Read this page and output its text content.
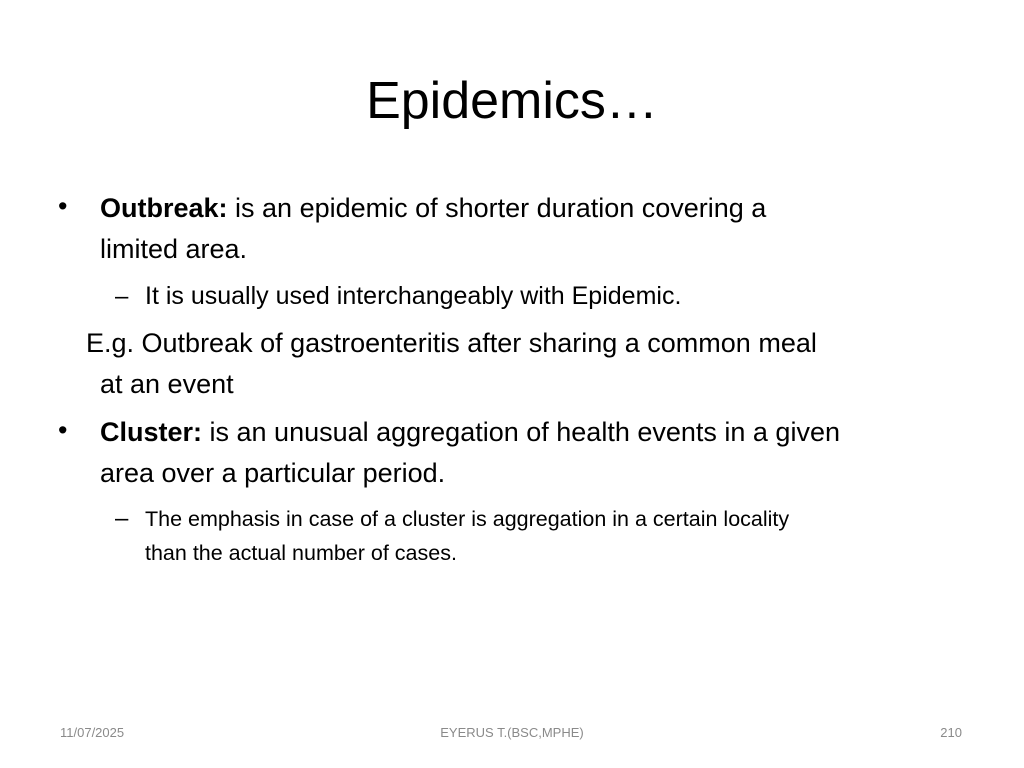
Epidemics…
• Outbreak: is an epidemic of shorter duration covering a
limited area.
– It is usually used interchangeably with Epidemic.
E.g. Outbreak of gastroenteritis after sharing a common meal
at an event
• Cluster: is an unusual aggregation of health events in a given
area over a particular period.
– The emphasis in case of a cluster is aggregation in a certain locality
than the actual number of cases.
11/07/2025	EYERUS T.(BSC,MPHE)	210
